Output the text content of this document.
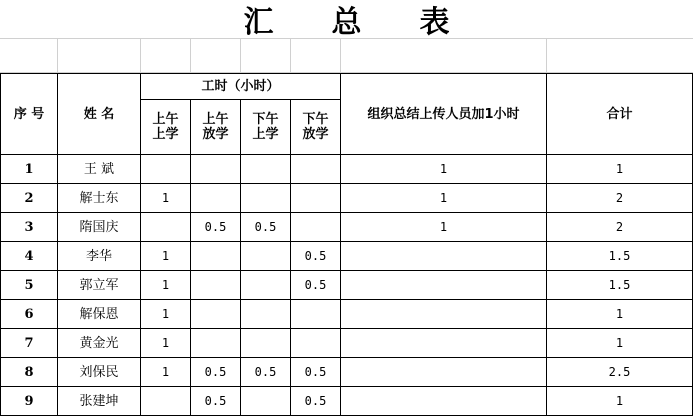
汇总表
序 号	姓 名	工时（小时）				组织总结上传人员加1小时	合计

		上午上学	上午放学	下午上学	下午放学		

1	王 斌					1	1
2	解士东	1				1	2
3	隋国庆		0.5	0.5		1	2
4	李华	1			0.5		1.5
5	郭立军	1			0.5		1.5
6	解保恩	1					1
7	黄金光	1					1
8	刘保民	1	0.5	0.5	0.5		2.5
9	张建坤		0.5		0.5		1
